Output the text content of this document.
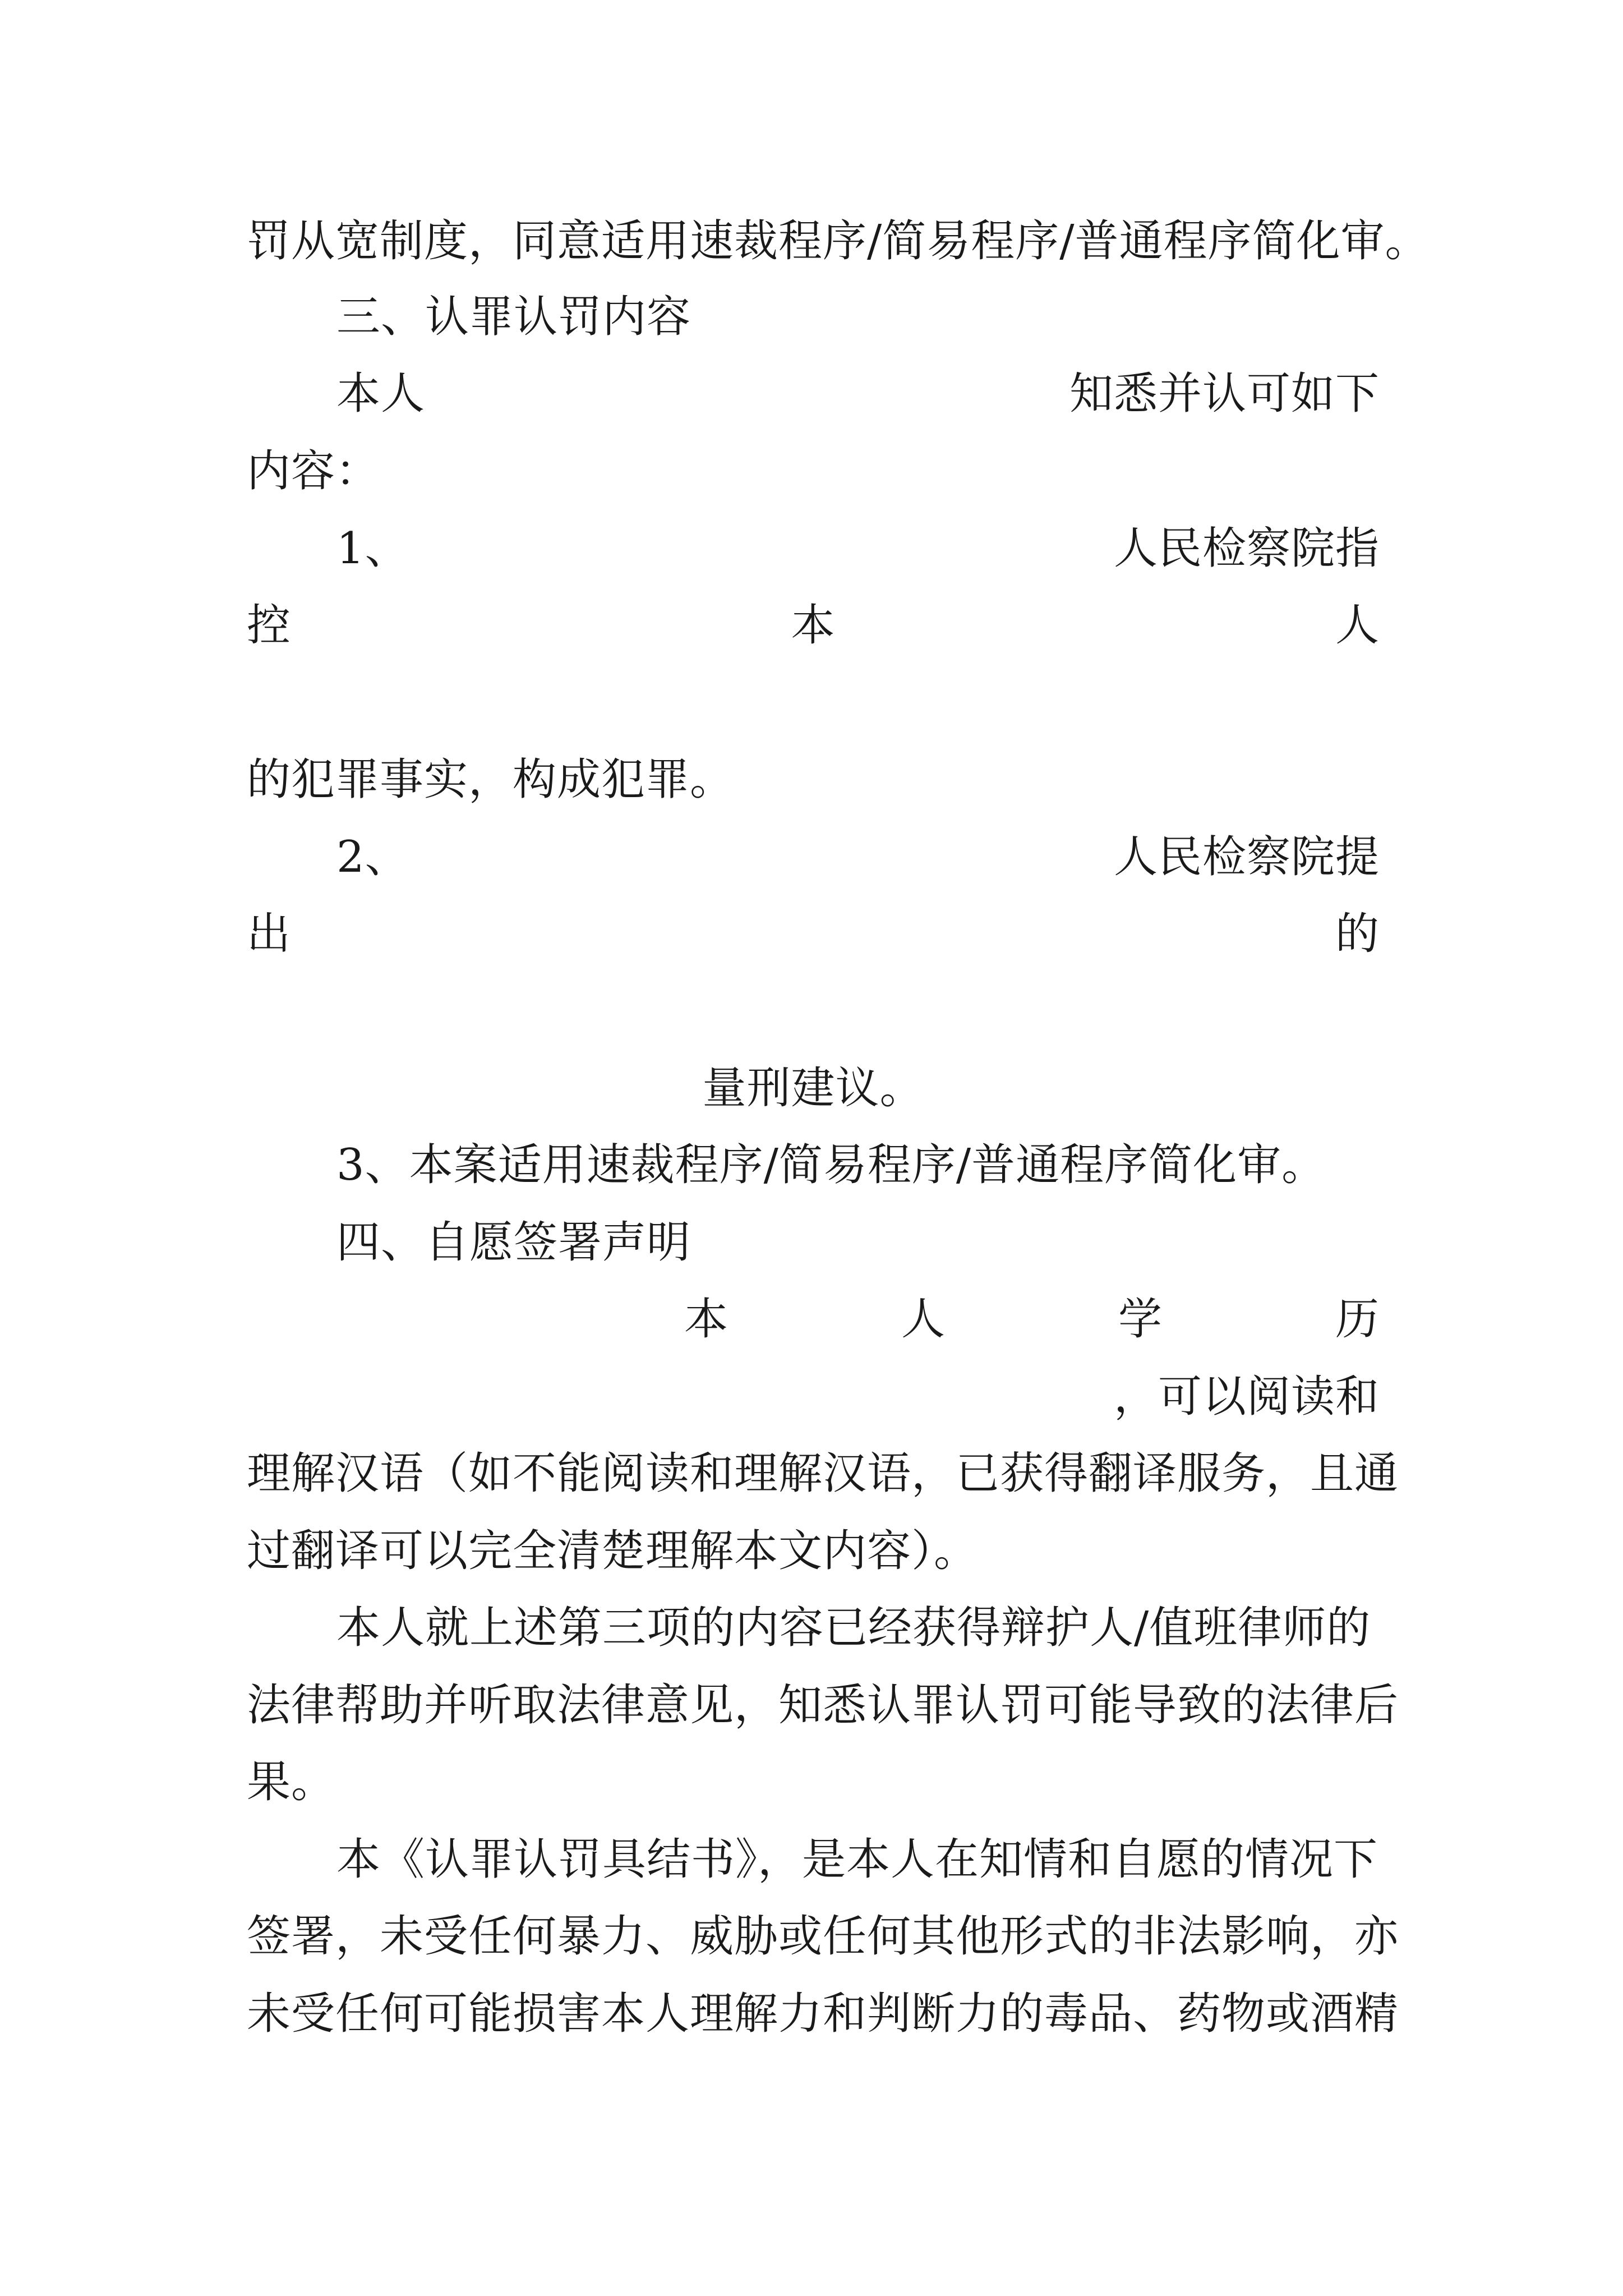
罚从宽制度，同意适用速裁程序/简易程序/普通程序简化审。
三、认罪认罚内容
本人	知悉并认可如下
内容：
1、	人民检察院指
控	本	人
的犯罪事实，构成犯罪。
2、	人民检察院提
出	的
量刑建议。
3、本案适用速裁程序/简易程序/普通程序简化审。
四、自愿签署声明
本	人	学	历
，可以阅读和
理解汉语（如不能阅读和理解汉语，已获得翻译服务，且通
过翻译可以完全清楚理解本文内容）。
本人就上述第三项的内容已经获得辩护人/值班律师的
法律帮助并听取法律意见，知悉认罪认罚可能导致的法律后
果。
本《认罪认罚具结书》，是本人在知情和自愿的情况下
签署，未受任何暴力、威胁或任何其他形式的非法影响，亦
未受任何可能损害本人理解力和判断力的毒品、药物或酒精
